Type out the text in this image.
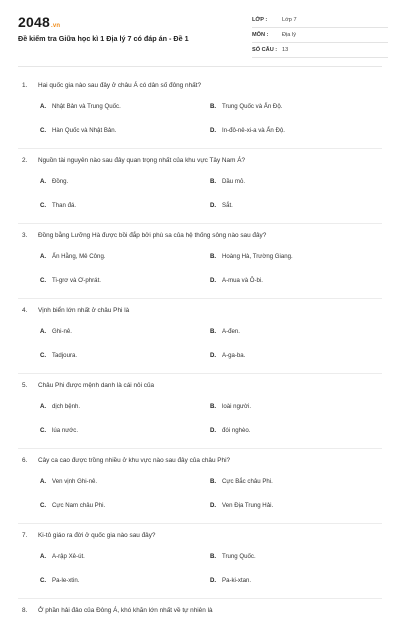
2048.vn
Đề kiểm tra Giữa học kì 1 Địa lý 7 có đáp án - Đề 1
LỚP :	Lớp 7
MÔN :	Địa lý
SỐ CÂU : 13
1. Hai quốc gia nào sau đây ở châu Á có dân số đông nhất?
A. Nhật Bản và Trung Quốc.	B. Trung Quốc và Ấn Độ.
C. Hàn Quốc và Nhật Bản.	D. In-đô-nê-xi-a và Ấn Độ.
2. Nguồn tài nguyên nào sau đây quan trọng nhất của khu vực Tây Nam Á?
A. Đồng.	B. Dầu mỏ.
C. Than đá.	D. Sắt.
3. Đồng bằng Lưỡng Hà được bồi đắp bởi phù sa của hệ thống sông nào sau đây?
A. Ấn Hằng, Mê Công.	B. Hoàng Hà, Trường Giang.
C. Ti-grơ và Ơ-phrát.	D. A-mua và Ô-bi.
4. Vịnh biển lớn nhất ở châu Phi là
A. Ghi-nê.	B. A-đen.
C. Tadjoura.	D. A-ga-ba.
5. Châu Phi được mệnh danh là cái nôi của
A. dịch bệnh.	B. loài người.
C. lúa nước.	D. đói nghèo.
6. Cây ca cao được trồng nhiều ở khu vực nào sau đây của châu Phi?
A. Ven vịnh Ghi-nê.	B. Cực Bắc châu Phi.
C. Cực Nam châu Phi.	D. Ven Địa Trung Hải.
7. Ki-tô giáo ra đời ở quốc gia nào sau đây?
A. A-rập Xê-út.	B. Trung Quốc.
C. Pa-le-xtin.	D. Pa-ki-xtan.
8. Ở phần hải đảo của Đông Á, khó khăn lớn nhất về tự nhiên là
